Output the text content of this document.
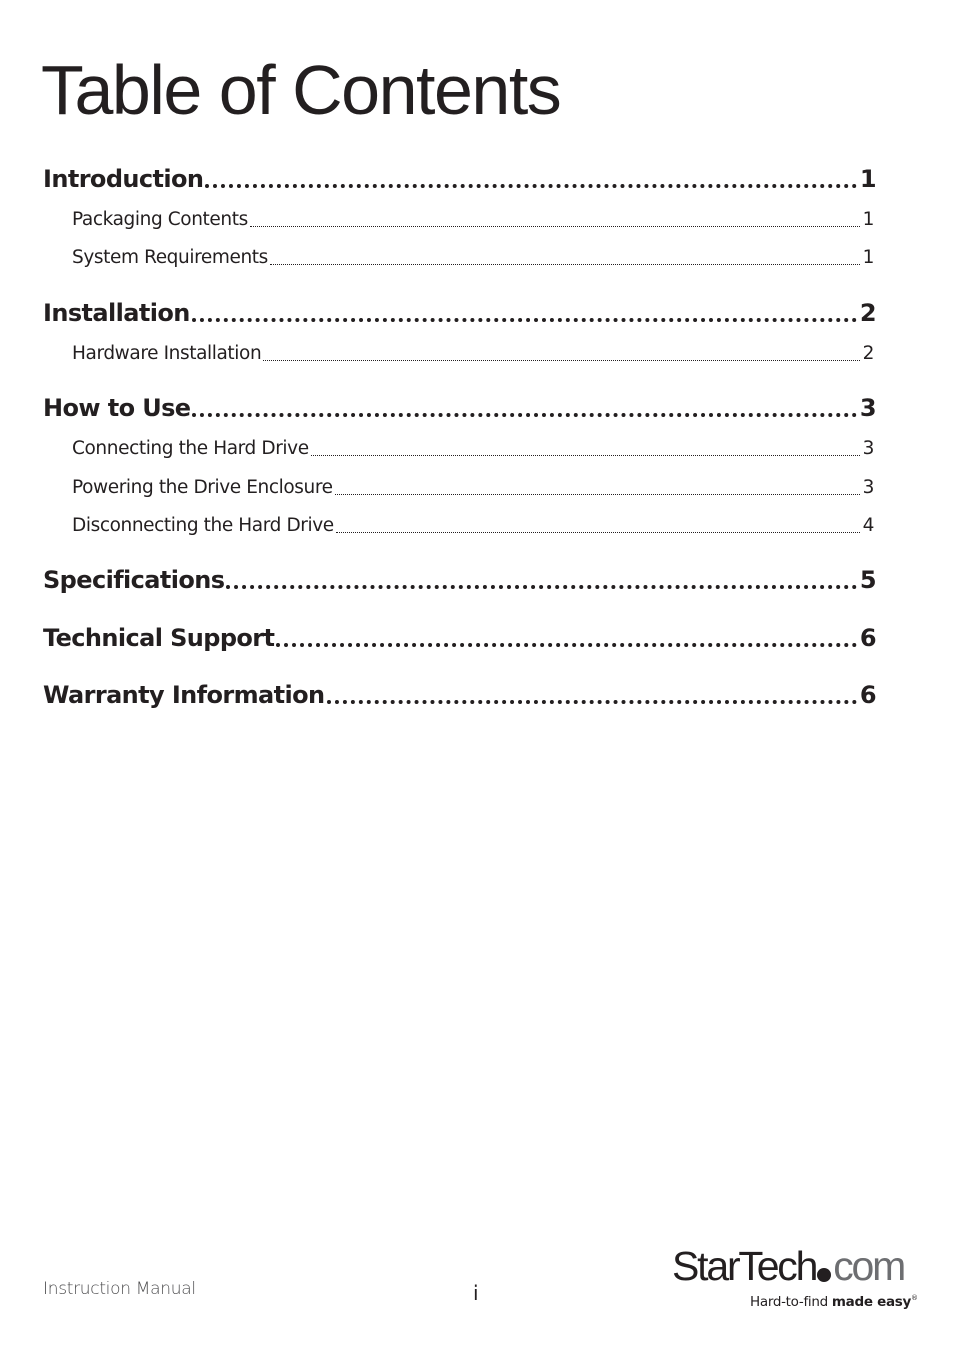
Table of Contents
Introduction	1
Packaging Contents	1
System Requirements	1
Installation	2
Hardware Installation	2
How to Use	3
Connecting the Hard Drive	3
Powering the Drive Enclosure	3
Disconnecting the Hard Drive	4
Specifications	5
Technical Support	6
Warranty Information	6
Instruction Manual	i
StarTech com
Hard-to-find made easy®
